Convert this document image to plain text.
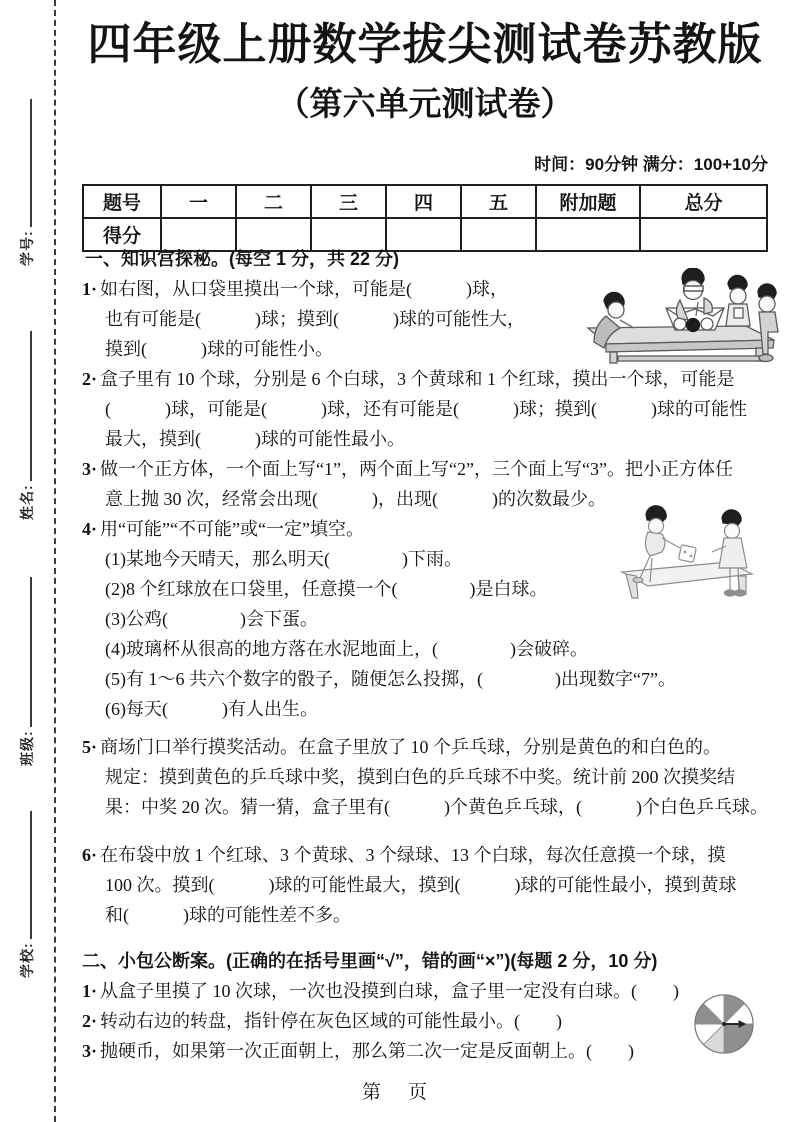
学号:
姓名:
班级:
学校:
四年级上册数学拔尖测试卷苏教版
（第六单元测试卷）
时间：90分钟 满分：100+10分
题号	一	二	三	四	五	附加题	总分
得分							
一、知识宫探秘。(每空 1 分，共 22 分)
1· 如右图，从口袋里摸出一个球，可能是(　　　)球，
也有可能是(　　　)球；摸到(　　　)球的可能性大，
摸到(　　　)球的可能性小。
2· 盒子里有 10 个球，分别是 6 个白球，3 个黄球和 1 个红球，摸出一个球，可能是
(　　　)球，可能是(　　　)球，还有可能是(　　　)球；摸到(　　　)球的可能性
最大，摸到(　　　)球的可能性最小。
3· 做一个正方体，一个面上写“1”，两个面上写“2”，三个面上写“3”。把小正方体任
意上抛 30 次，经常会出现(　　　)，出现(　　　)的次数最少。
4· 用“可能”“不可能”或“一定”填空。
(1)某地今天晴天，那么明天(　　　　)下雨。
(2)8 个红球放在口袋里，任意摸一个(　　　　)是白球。
(3)公鸡(　　　　)会下蛋。
(4)玻璃杯从很高的地方落在水泥地面上，(　　　　)会破碎。
(5)有 1～6 共六个数字的骰子，随便怎么投掷，(　　　　)出现数字“7”。
(6)每天(　　　)有人出生。
5· 商场门口举行摸奖活动。在盒子里放了 10 个乒乓球，分别是黄色的和白色的。
规定：摸到黄色的乒乓球中奖，摸到白色的乒乓球不中奖。统计前 200 次摸奖结
果：中奖 20 次。猜一猜，盒子里有(　　　)个黄色乒乓球，(　　　)个白色乒乓球。
6· 在布袋中放 1 个红球、3 个黄球、3 个绿球、13 个白球，每次任意摸一个球，摸
100 次。摸到(　　　)球的可能性最大，摸到(　　　)球的可能性最小，摸到黄球
和(　　　)球的可能性差不多。
二、小包公断案。(正确的在括号里画“√”，错的画“×”)(每题 2 分，10 分)
1· 从盒子里摸了 10 次球，一次也没摸到白球，盒子里一定没有白球。(　　)
2· 转动右边的转盘，指针停在灰色区域的可能性最小。(　　)
3· 抛硬币，如果第一次正面朝上，那么第二次一定是反面朝上。(　　)
第　页
